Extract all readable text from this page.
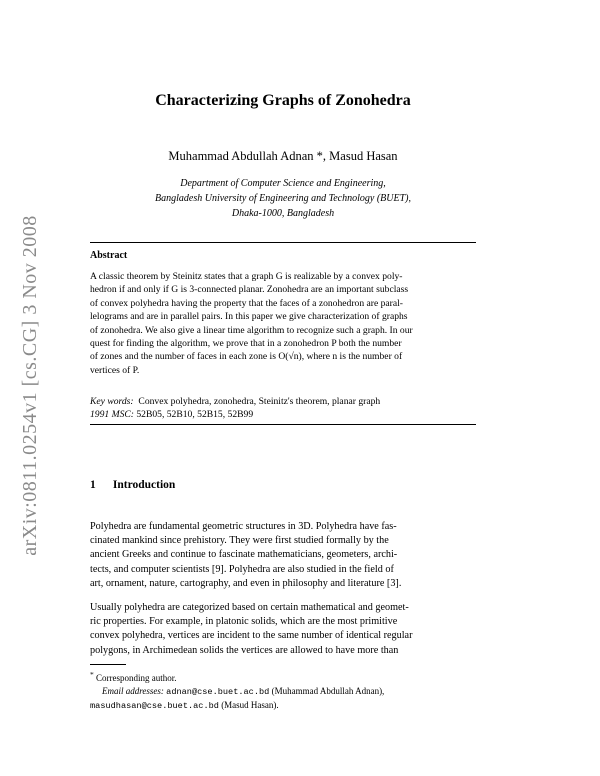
arXiv:0811.0254v1 [cs.CG] 3 Nov 2008
Characterizing Graphs of Zonohedra
Muhammad Abdullah Adnan *, Masud Hasan
Department of Computer Science and Engineering,
Bangladesh University of Engineering and Technology (BUET),
Dhaka-1000, Bangladesh
Abstract
A classic theorem by Steinitz states that a graph G is realizable by a convex poly-
hedron if and only if G is 3-connected planar. Zonohedra are an important subclass
of convex polyhedra having the property that the faces of a zonohedron are paral-
lelograms and are in parallel pairs. In this paper we give characterization of graphs
of zonohedra. We also give a linear time algorithm to recognize such a graph. In our
quest for finding the algorithm, we prove that in a zonohedron P both the number
of zones and the number of faces in each zone is O(√n), where n is the number of
vertices of P.
Key words: Convex polyhedra, zonohedra, Steinitz's theorem, planar graph
1991 MSC: 52B05, 52B10, 52B15, 52B99
1 Introduction
Polyhedra are fundamental geometric structures in 3D. Polyhedra have fas-
cinated mankind since prehistory. They were first studied formally by the
ancient Greeks and continue to fascinate mathematicians, geometers, archi-
tects, and computer scientists [9]. Polyhedra are also studied in the field of
art, ornament, nature, cartography, and even in philosophy and literature [3].
Usually polyhedra are categorized based on certain mathematical and geomet-
ric properties. For example, in platonic solids, which are the most primitive
convex polyhedra, vertices are incident to the same number of identical regular
polygons, in Archimedean solids the vertices are allowed to have more than
* Corresponding author.
Email addresses: adnan@cse.buet.ac.bd (Muhammad Abdullah Adnan),
masudhasan@cse.buet.ac.bd (Masud Hasan).
